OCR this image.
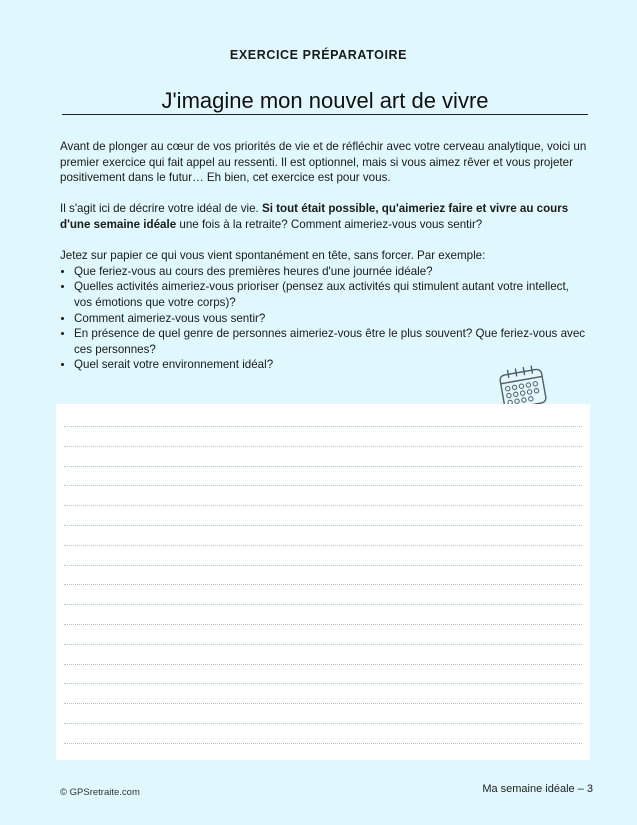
EXERCICE PRÉPARATOIRE
J'imagine mon nouvel art de vivre

Avant de plonger au cœur de vos priorités de vie et de réfléchir avec votre cerveau analytique, voici un premier exercice qui fait appel au ressenti. Il est optionnel, mais si vous aimez rêver et vous projeter positivement dans le futur… Eh bien, cet exercice est pour vous.

Il s'agit ici de décrire votre idéal de vie. Si tout était possible, qu'aimeriez faire et vivre au cours d'une semaine idéale une fois à la retraite? Comment aimeriez-vous vous sentir?

Jetez sur papier ce qui vous vient spontanément en tête, sans forcer. Par exemple:
• Que feriez-vous au cours des premières heures d'une journée idéale?
• Quelles activités aimeriez-vous prioriser (pensez aux activités qui stimulent autant votre intellect, vos émotions que votre corps)?
• Comment aimeriez-vous vous sentir?
• En présence de quel genre de personnes aimeriez-vous être le plus souvent? Que feriez-vous avec ces personnes?
• Quel serait votre environnement idéal?
© GPSretraite.com	Ma semaine idéale – 3
